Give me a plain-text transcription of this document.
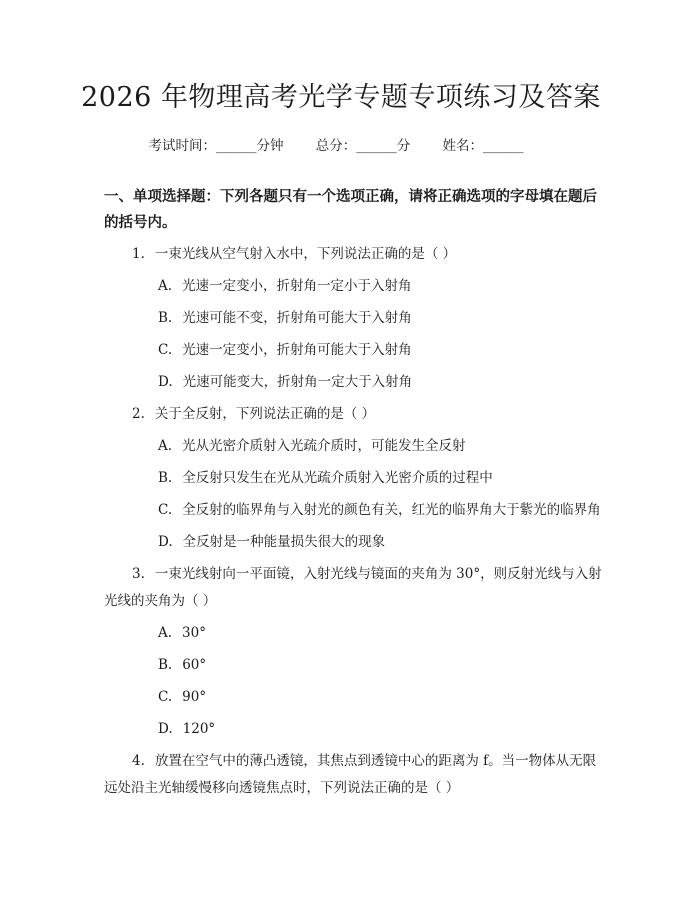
2026 年物理高考光学专题专项练习及答案
考试时间：______分钟 总分：______分 姓名：______
一、单项选择题：下列各题只有一个选项正确，请将正确选项的字母填在题后的括号内。
1. 一束光线从空气射入水中，下列说法正确的是（ ）
A. 光速一定变小，折射角一定小于入射角
B. 光速可能不变，折射角可能大于入射角
C. 光速一定变小，折射角可能大于入射角
D. 光速可能变大，折射角一定大于入射角
2. 关于全反射，下列说法正确的是（ ）
A. 光从光密介质射入光疏介质时，可能发生全反射
B. 全反射只发生在光从光疏介质射入光密介质的过程中
C. 全反射的临界角与入射光的颜色有关，红光的临界角大于紫光的临界角
D. 全反射是一种能量损失很大的现象
3. 一束光线射向一平面镜，入射光线与镜面的夹角为 30°，则反射光线与入射光线的夹角为（ ）
A. 30°
B. 60°
C. 90°
D. 120°
4. 放置在空气中的薄凸透镜，其焦点到透镜中心的距离为 f。当一物体从无限远处沿主光轴缓慢移向透镜焦点时，下列说法正确的是（ ）
